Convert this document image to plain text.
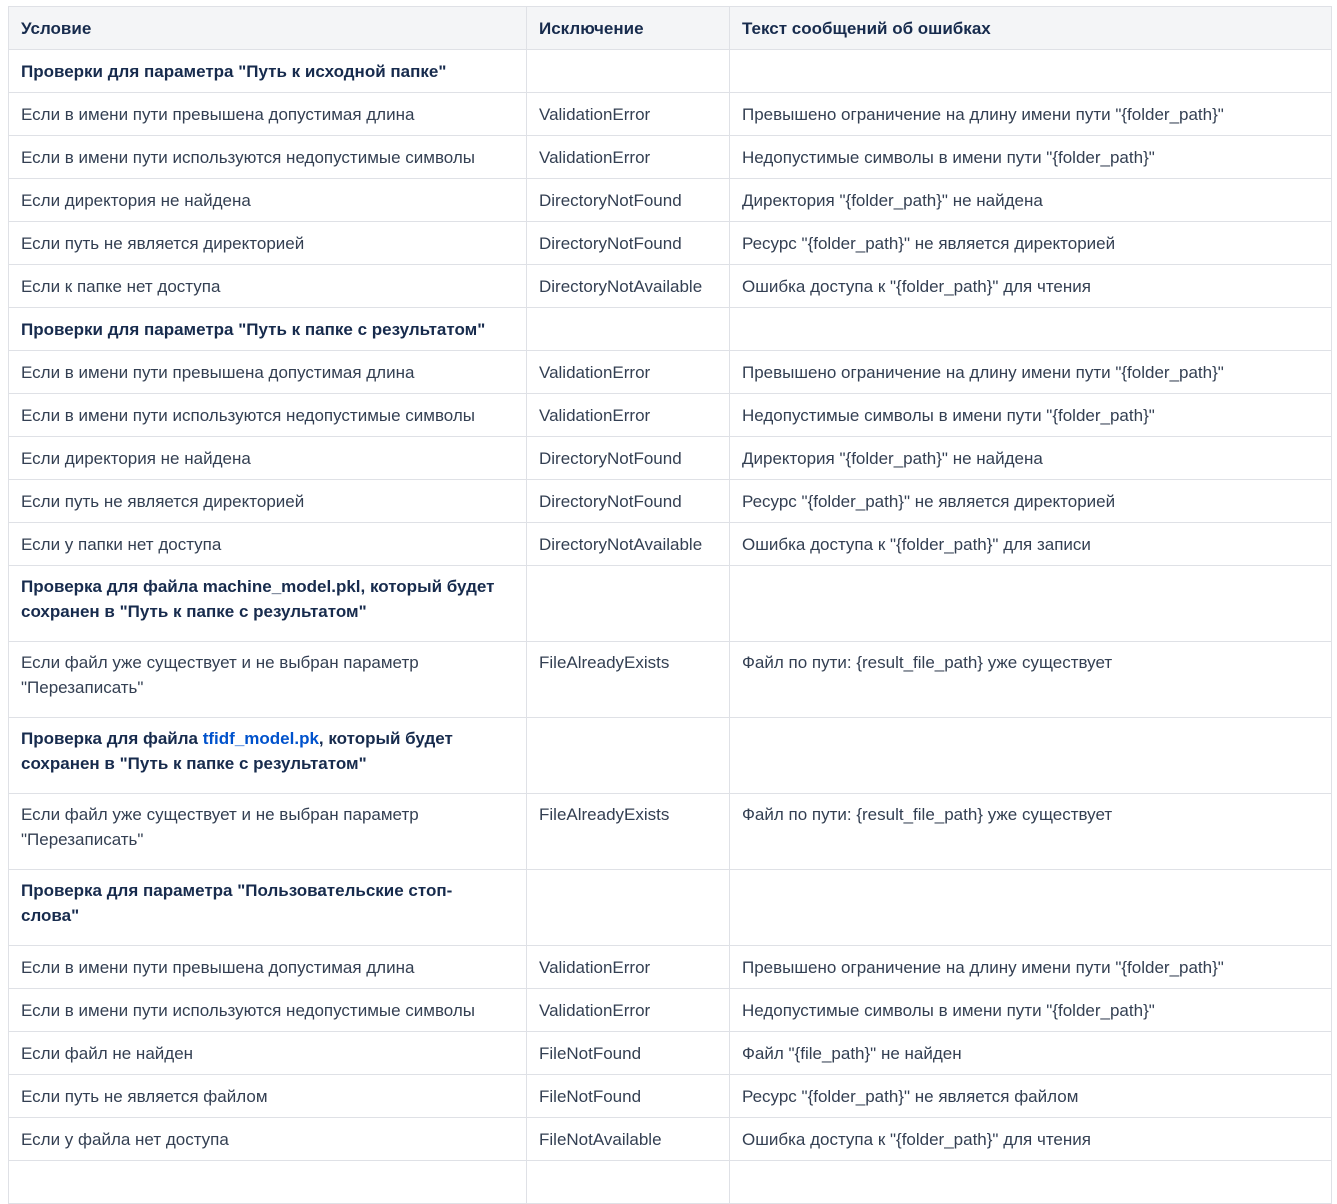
Условие	Исключение	Текст сообщений об ошибках
Проверки для параметра "Путь к исходной папке"		
Если в имени пути превышена допустимая длина	ValidationError	Превышено ограничение на длину имени пути "{folder_path}"
Если в имени пути используются недопустимые символы	ValidationError	Недопустимые символы в имени пути "{folder_path}"
Если директория не найдена	DirectoryNotFound	Директория "{folder_path}" не найдена
Если путь не является директорией	DirectoryNotFound	Ресурс "{folder_path}" не является директорией
Если к папке нет доступа	DirectoryNotAvailable	Ошибка доступа к "{folder_path}" для чтения
Проверки для параметра "Путь к папке с результатом"		
Если в имени пути превышена допустимая длина	ValidationError	Превышено ограничение на длину имени пути "{folder_path}"
Если в имени пути используются недопустимые символы	ValidationError	Недопустимые символы в имени пути "{folder_path}"
Если директория не найдена	DirectoryNotFound	Директория "{folder_path}" не найдена
Если путь не является директорией	DirectoryNotFound	Ресурс "{folder_path}" не является директорией
Если у папки нет доступа	DirectoryNotAvailable	Ошибка доступа к "{folder_path}" для записи
Проверка для файла machine_model.pkl, который будет
сохранен в "Путь к папке с результатом"		
Если файл уже существует и не выбран параметр
"Перезаписать"	FileAlreadyExists	Файл по пути: {result_file_path} уже существует
Проверка для файла tfidf_model.pk, который будет
сохранен в "Путь к папке с результатом"		
Если файл уже существует и не выбран параметр
"Перезаписать"	FileAlreadyExists	Файл по пути: {result_file_path} уже существует
Проверка для параметра "Пользовательские стоп-
слова"		
Если в имени пути превышена допустимая длина	ValidationError	Превышено ограничение на длину имени пути "{folder_path}"
Если в имени пути используются недопустимые символы	ValidationError	Недопустимые символы в имени пути "{folder_path}"
Если файл не найден	FileNotFound	Файл "{file_path}" не найден
Если путь не является файлом	FileNotFound	Ресурс "{folder_path}" не является файлом
Если у файла нет доступа	FileNotAvailable	Ошибка доступа к "{folder_path}" для чтения
